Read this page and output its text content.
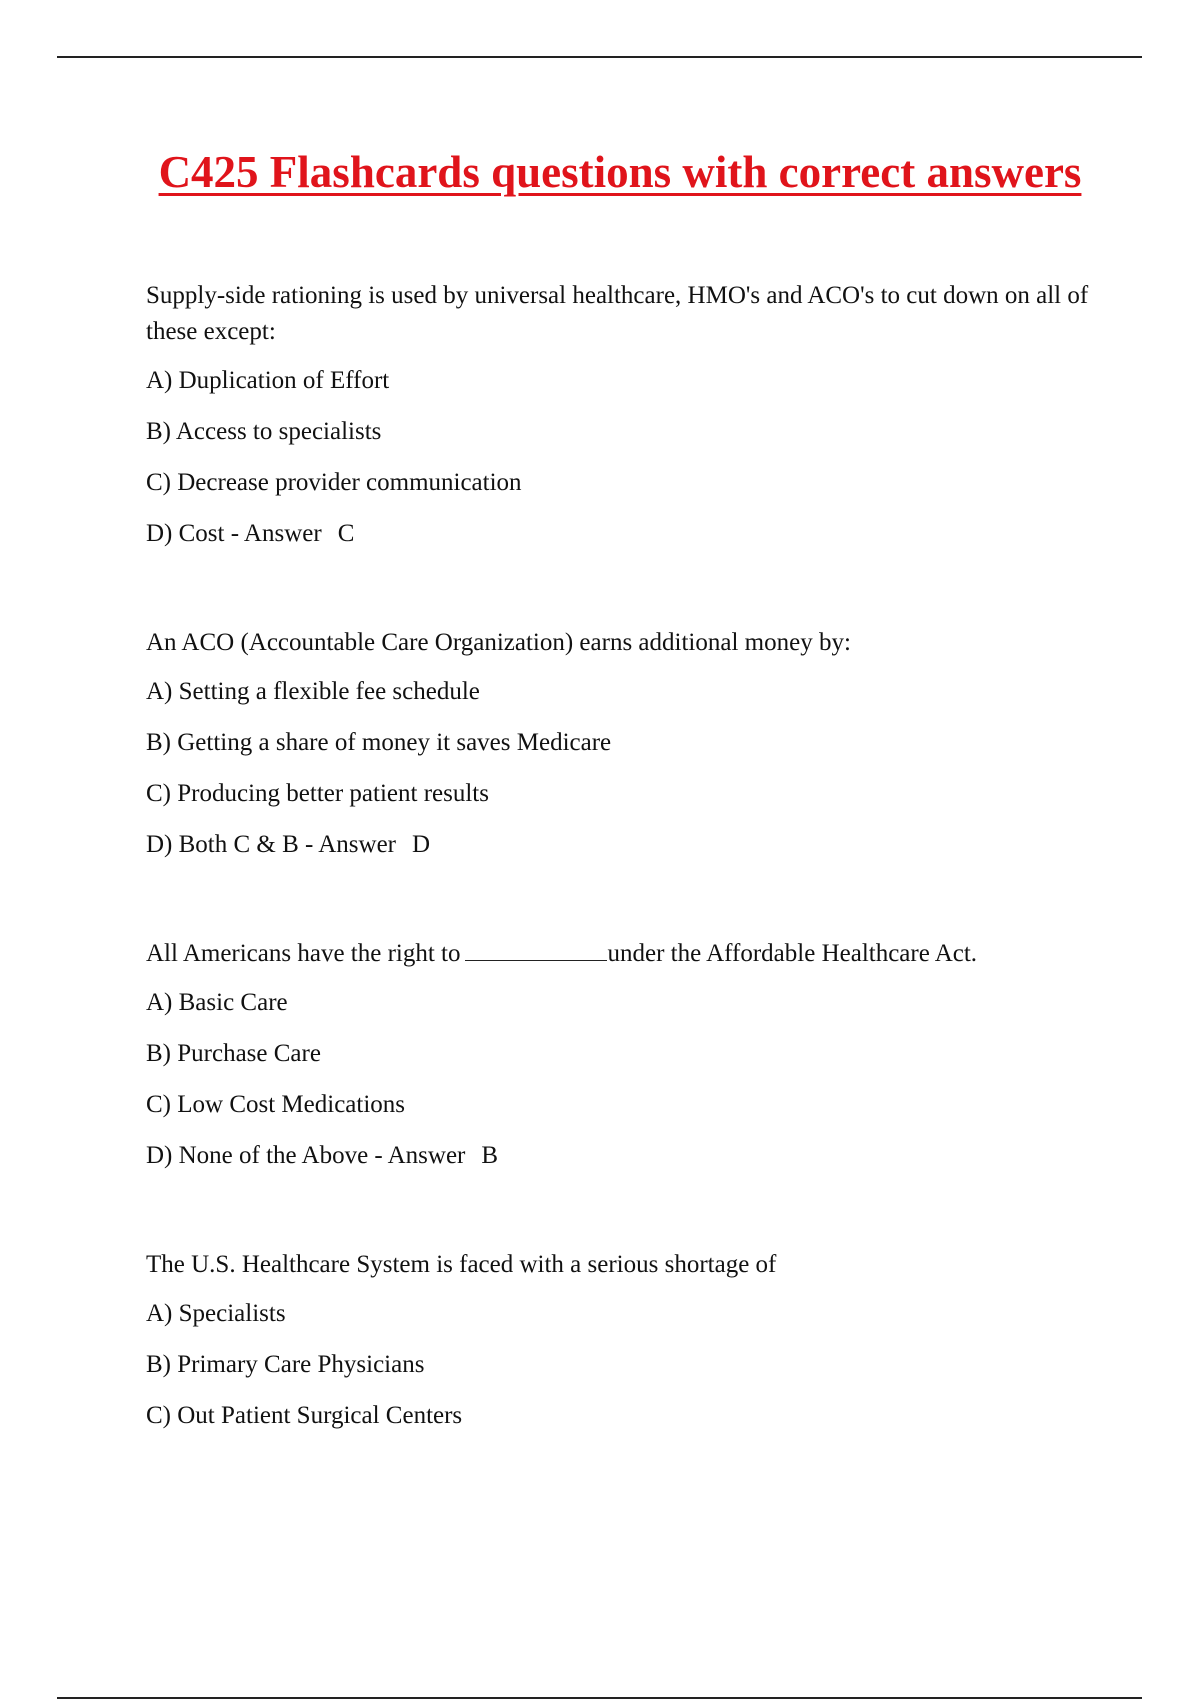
C425 Flashcards questions with correct answers

Supply-side rationing is used by universal healthcare, HMO's and ACO's to cut down on all of these except:

A) Duplication of Effort

B) Access to specialists

C) Decrease provider communication

D) Cost - Answer C

An ACO (Accountable Care Organization) earns additional money by:

A) Setting a flexible fee schedule

B) Getting a share of money it saves Medicare

C) Producing better patient results

D) Both C & B - Answer D

All Americans have the right to	under the Affordable Healthcare Act.

A) Basic Care

B) Purchase Care

C) Low Cost Medications

D) None of the Above - Answer B

The U.S. Healthcare System is faced with a serious shortage of

A) Specialists

B) Primary Care Physicians

C) Out Patient Surgical Centers
